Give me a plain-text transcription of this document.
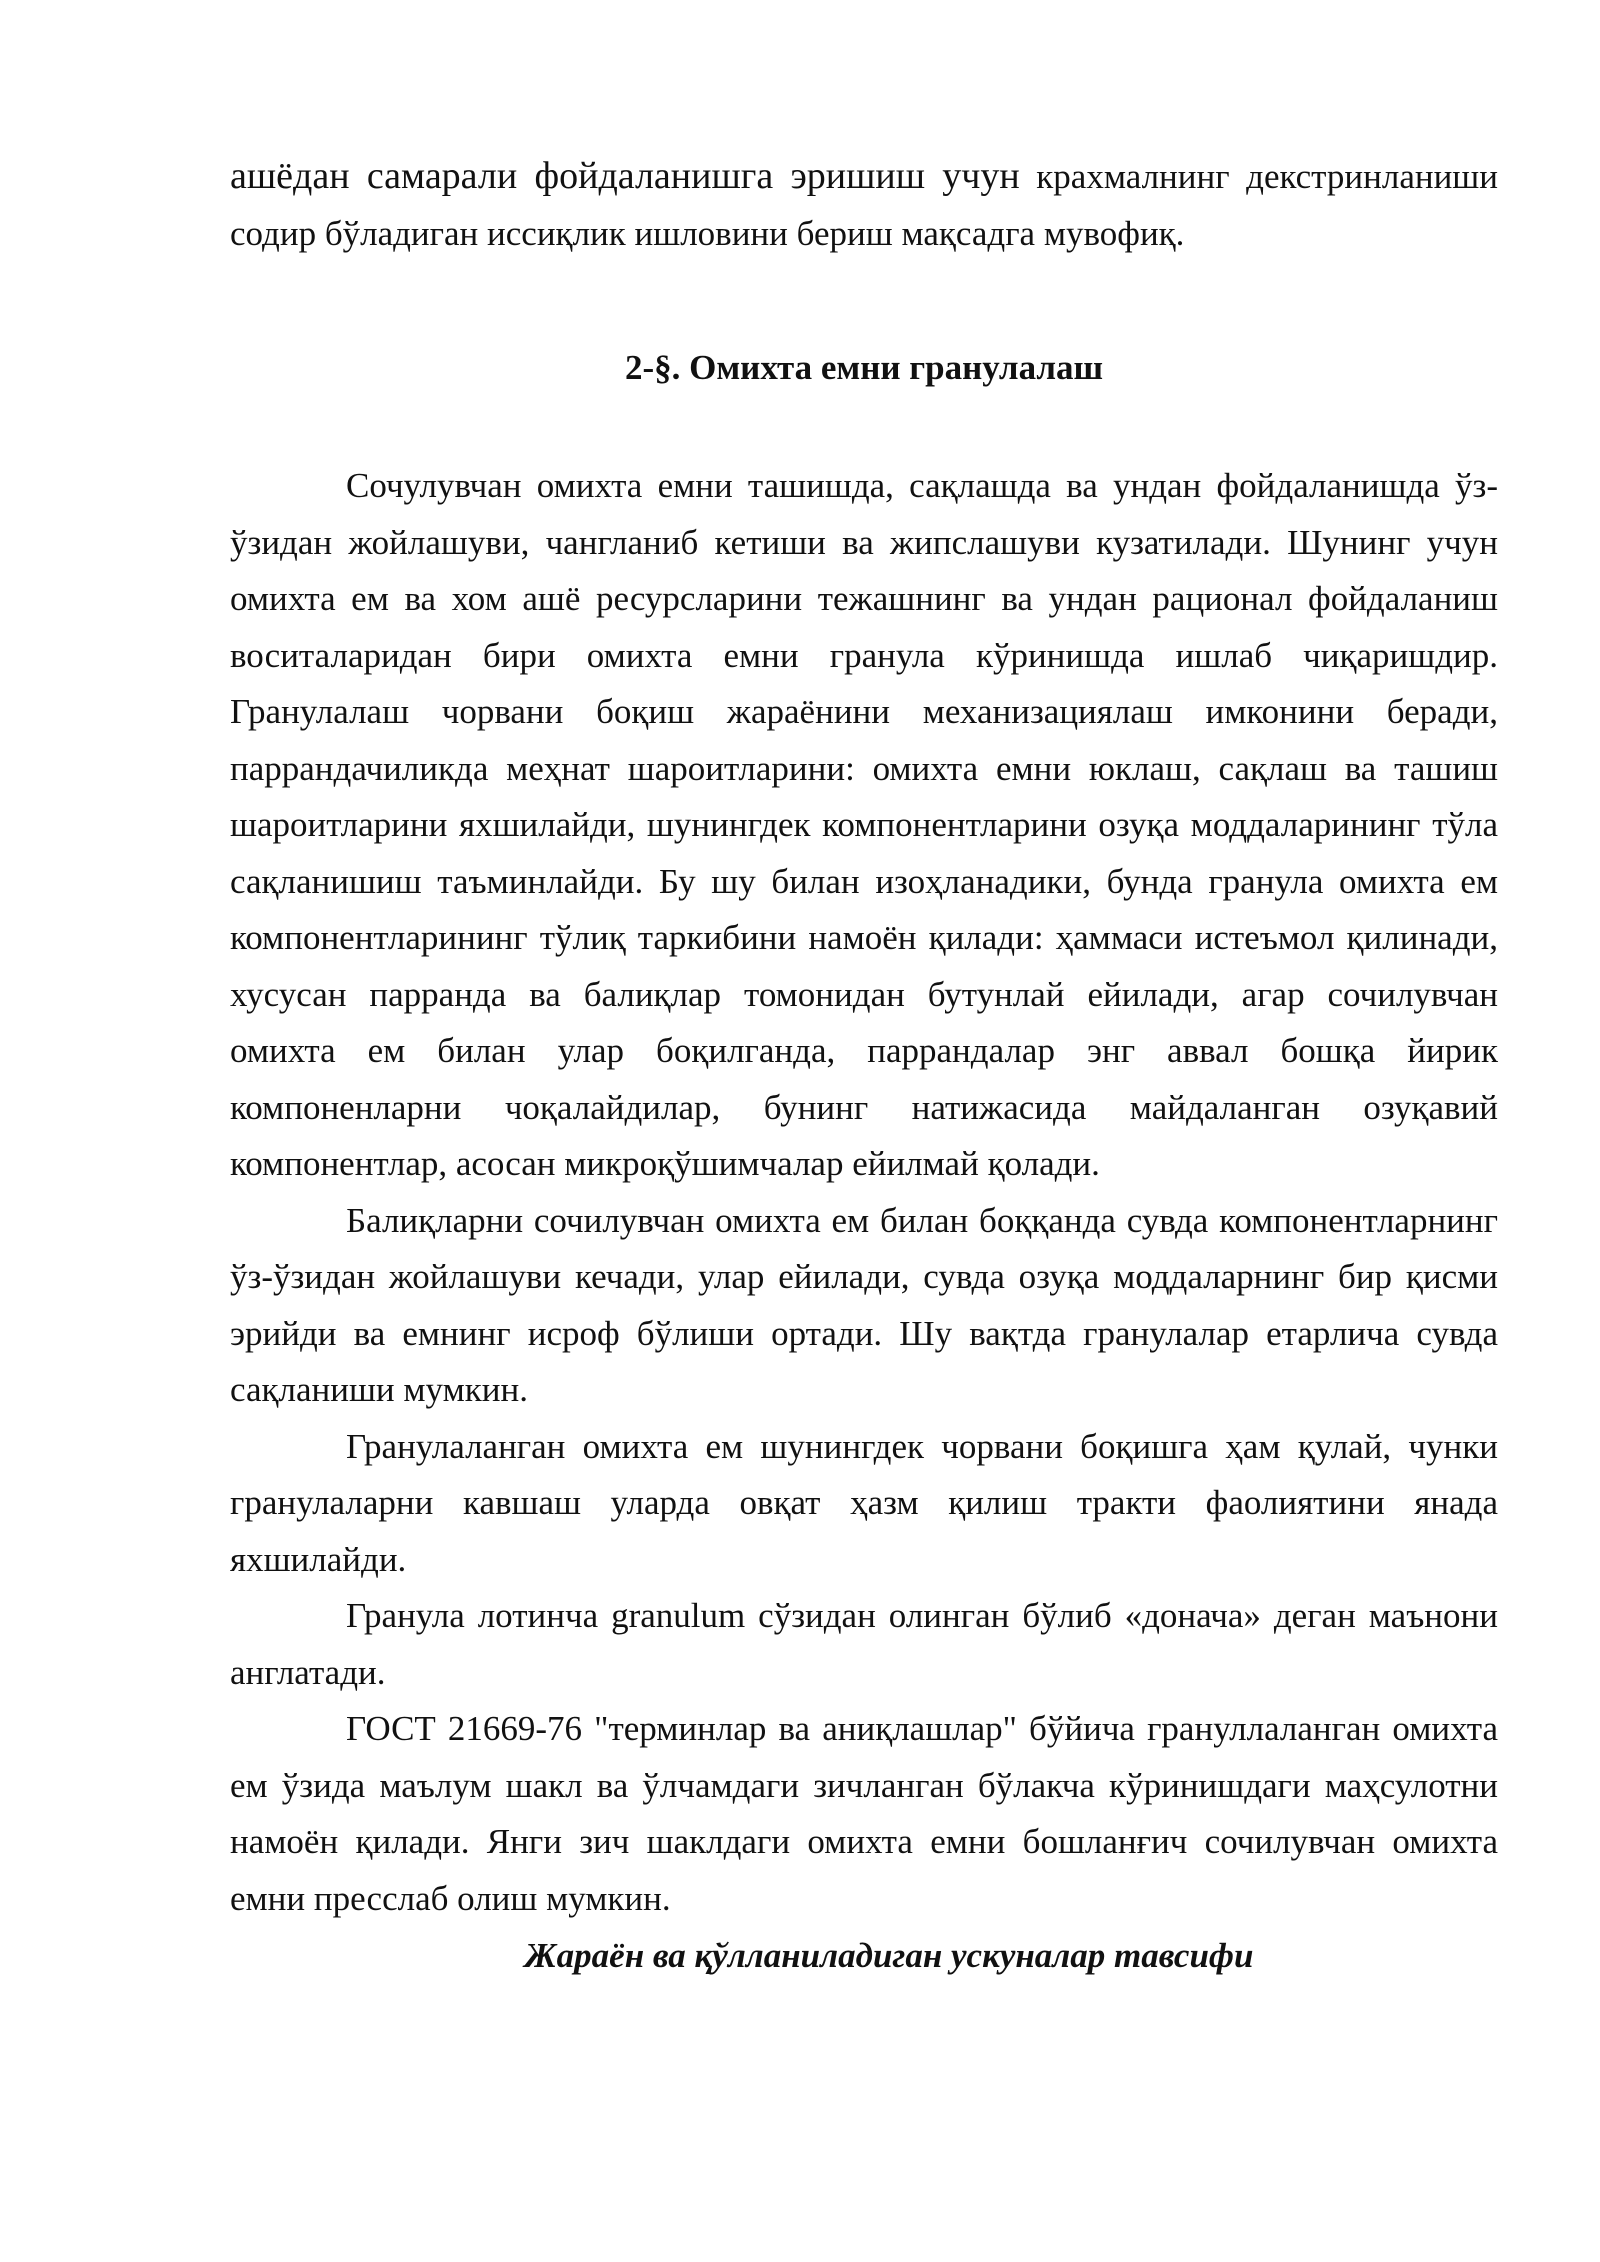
ашёдан самарали фойдаланишга эришиш учун крахмалнинг декстринланиши содир бўладиган иссиқлик ишловини бериш мақсадга мувофиқ.

2-§. Омихта емни гранулалаш

Сочулувчан омихта емни ташишда, сақлашда ва ундан фойдаланишда ўз-ўзидан жойлашуви, чангланиб кетиши ва жипслашуви кузатилади. Шунинг учун омихта ем ва хом ашё ресурсларини тежашнинг ва ундан рационал фойдаланиш воситаларидан бири омихта емни гранула кўринишда ишлаб чиқаришдир. Гранулалаш чорвани боқиш жараёнини механизациялаш имконини беради, паррандачиликда меҳнат шароитларини: омихта емни юклаш, сақлаш ва ташиш шароитларини яхшилайди, шунингдек компонентларини озуқа моддаларининг тўла сақланишиш таъминлайди. Бу шу билан изоҳланадики, бунда гранула омихта ем компонентларининг тўлиқ таркибини намоён қилади: ҳаммаси истеъмол қилинади, хусусан парранда ва балиқлар томонидан бутунлай ейилади, агар сочилувчан омихта ем билан улар боқилганда, паррандалар энг аввал бошқа йирик компоненларни чоқалайдилар, бунинг натижасида майдаланган озуқавий компонентлар, асосан микроқўшимчалар ейилмай қолади.

Балиқларни сочилувчан омихта ем билан боққанда сувда компонентларнинг ўз-ўзидан жойлашуви кечади, улар ейилади, сувда озуқа моддаларнинг бир қисми эрийди ва емнинг исроф бўлиши ортади. Шу вақтда гранулалар етарлича сувда сақланиши мумкин.

Гранулаланган омихта ем шунингдек чорвани боқишга ҳам қулай, чунки гранулаларни кавшаш уларда овқат ҳазм қилиш тракти фаолиятини янада яхшилайди.

Гранула лотинча granulum сўзидан олинган бўлиб «донача» деган маънони англатади.

ГОСТ 21669-76 "терминлар ва аниқлашлар" бўйича грануллаланган омихта ем ўзида маълум шакл ва ўлчамдаги зичланган бўлакча кўринишдаги маҳсулотни намоён қилади. Янги зич шаклдаги омихта емни бошланғич сочилувчан омихта емни пресслаб олиш мумкин.

Жараён ва қўлланиладиган ускуналар тавсифи
